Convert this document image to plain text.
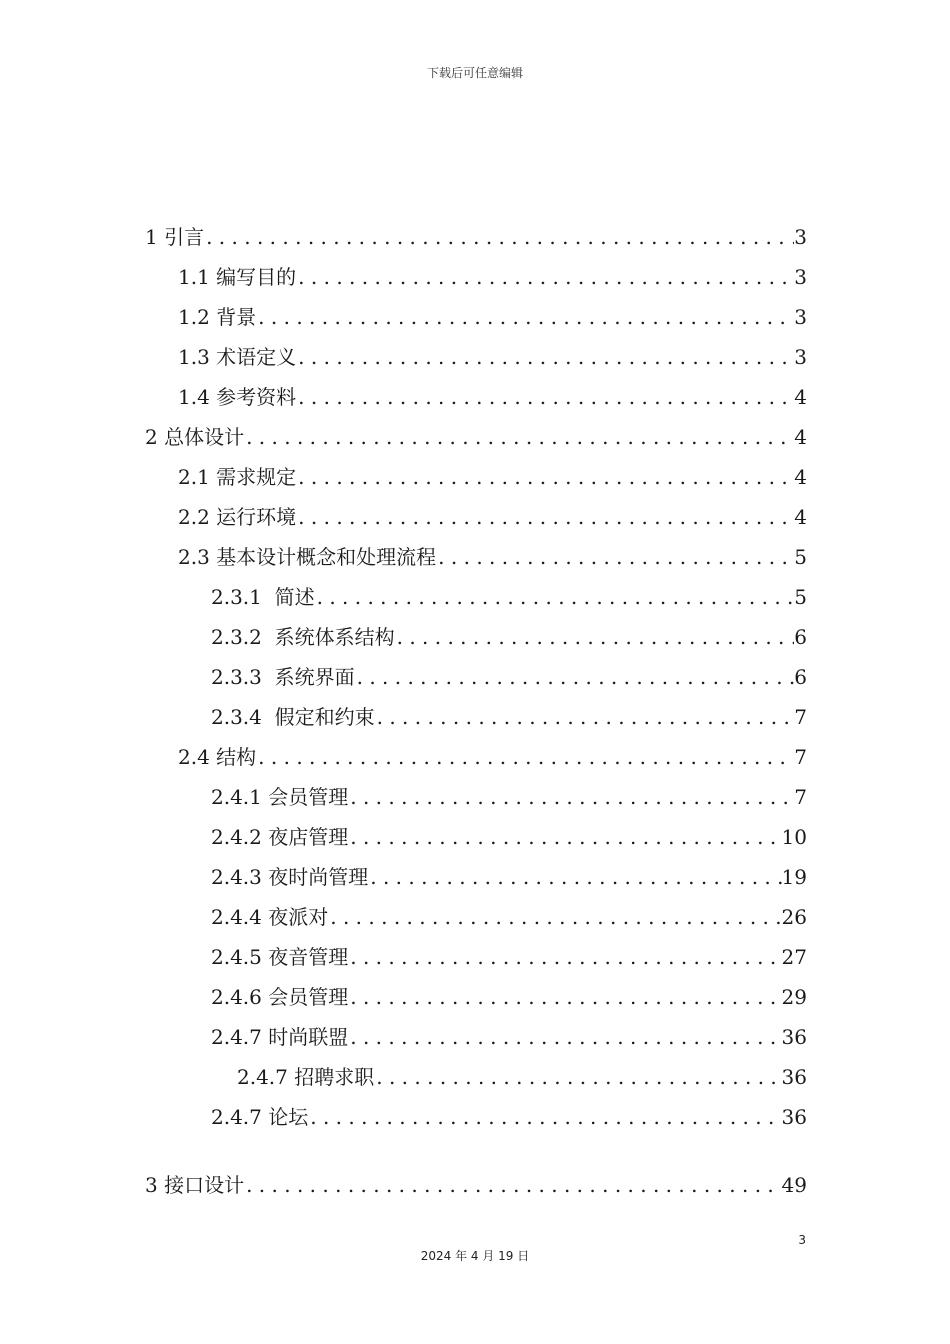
下载后可任意编辑
1 引言 . . .	3
1.1 编写目的 . . .	3
1.2 背景 . . .	3
1.3 术语定义 . . .	3
1.4 参考资料 . . .	4
2 总体设计 . . .	4
2.1 需求规定 . . .	4
2.2 运行环境 . . .	4
2.3 基本设计概念和处理流程 . . .	5
2.3.1  简述 . . .	5
2.3.2  系统体系结构 . . .	6
2.3.3  系统界面 . . .	6
2.3.4  假定和约束 . . .	7
2.4 结构 . . .	7
2.4.1 会员管理 . . .	7
2.4.2 夜店管理 . . .	10
2.4.3 夜时尚管理 . . .	19
2.4.4 夜派对 . . .	26
2.4.5 夜音管理 . . .	27
2.4.6 会员管理 . . .	29
2.4.7 时尚联盟 . . .	36
2.4.7 招聘求职 . . .	36
2.4.7 论坛 . . .	36
3 接口设计 . . .	49
3
2024 年 4 月 19 日
